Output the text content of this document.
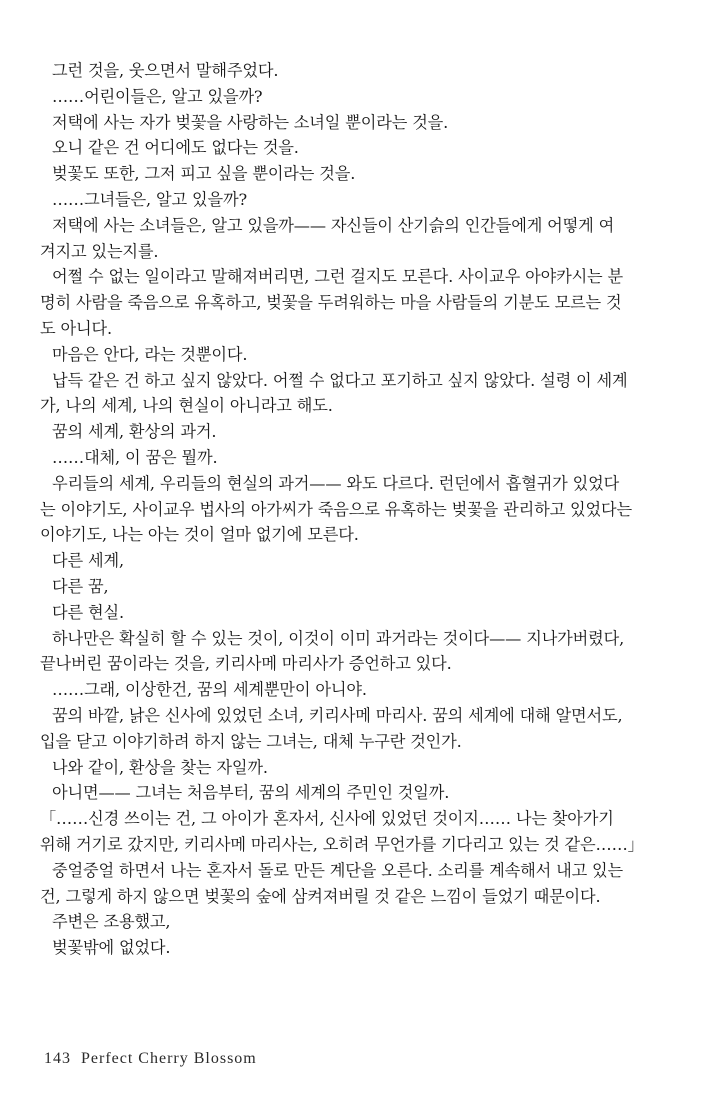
그런 것을, 웃으면서 말해주었다.
……어린이들은, 알고 있을까?
저택에 사는 자가 벚꽃을 사랑하는 소녀일 뿐이라는 것을.
오니 같은 건 어디에도 없다는 것을.
벚꽃도 또한, 그저 피고 싶을 뿐이라는 것을.
……그녀들은, 알고 있을까?
저택에 사는 소녀들은, 알고 있을까—— 자신들이 산기슭의 인간들에게 어떻게 여
겨지고 있는지를.
어쩔 수 없는 일이라고 말해져버리면, 그런 걸지도 모른다. 사이교우 아야카시는 분
명히 사람을 죽음으로 유혹하고, 벚꽃을 두려워하는 마을 사람들의 기분도 모르는 것
도 아니다.
마음은 안다, 라는 것뿐이다.
납득 같은 건 하고 싶지 않았다. 어쩔 수 없다고 포기하고 싶지 않았다. 설령 이 세계
가, 나의 세계, 나의 현실이 아니라고 해도.
꿈의 세계, 환상의 과거.
……대체, 이 꿈은 뭘까.
우리들의 세계, 우리들의 현실의 과거—— 와도 다르다. 런던에서 흡혈귀가 있었다
는 이야기도, 사이교우 법사의 아가씨가 죽음으로 유혹하는 벚꽃을 관리하고 있었다는
이야기도, 나는 아는 것이 얼마 없기에 모른다.
다른 세계,
다른 꿈,
다른 현실.
하나만은 확실히 할 수 있는 것이, 이것이 이미 과거라는 것이다—— 지나가버렸다,
끝나버린 꿈이라는 것을, 키리사메 마리사가 증언하고 있다.
……그래, 이상한건, 꿈의 세계뿐만이 아니야.
꿈의 바깥, 낡은 신사에 있었던 소녀, 키리사메 마리사. 꿈의 세계에 대해 알면서도,
입을 닫고 이야기하려 하지 않는 그녀는, 대체 누구란 것인가.
나와 같이, 환상을 찾는 자일까.
아니면—— 그녀는 처음부터, 꿈의 세계의 주민인 것일까.
「……신경 쓰이는 건, 그 아이가 혼자서, 신사에 있었던 것이지…… 나는 찾아가기
위해 거기로 갔지만, 키리사메 마리사는, 오히려 무언가를 기다리고 있는 것 같은……」
중얼중얼 하면서 나는 혼자서 돌로 만든 계단을 오른다. 소리를 계속해서 내고 있는
건, 그렇게 하지 않으면 벚꽃의 숲에 삼켜져버릴 것 같은 느낌이 들었기 때문이다.
주변은 조용했고,
벚꽃밖에 없었다.
143 Perfect Cherry Blossom
